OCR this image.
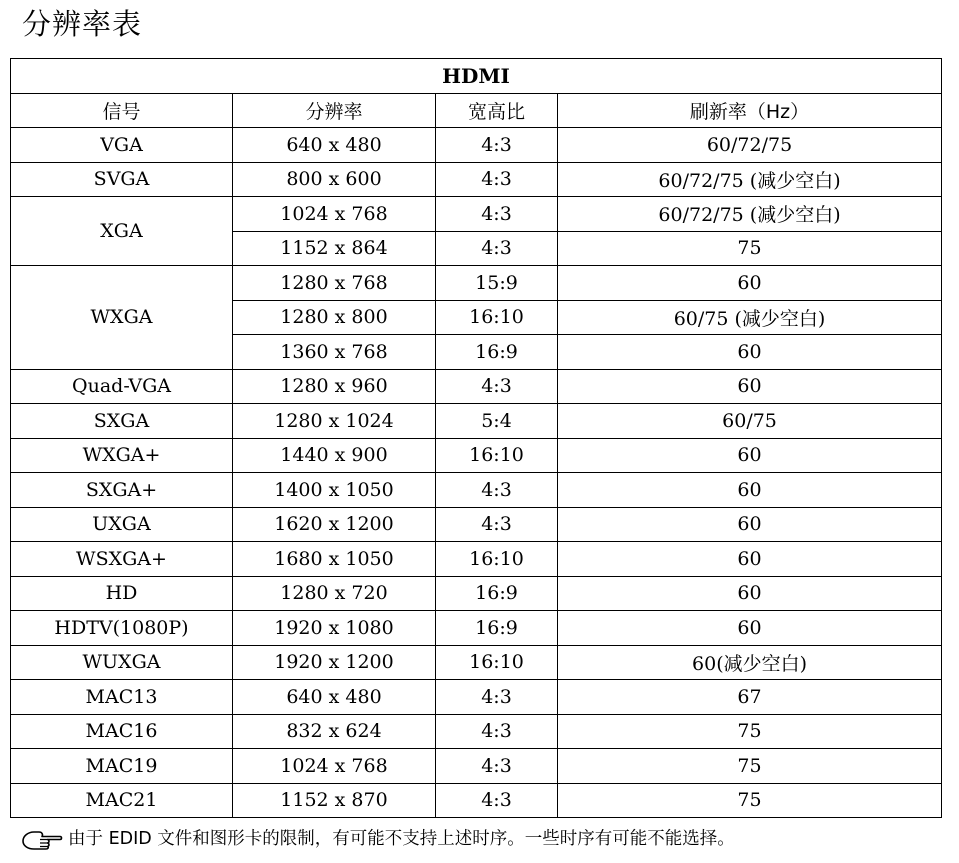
分辨率表
HDMI			
信号	分辨率	宽高比	刷新率（Hz）
VGA	640 x 480	4:3	60/72/75
SVGA	800 x 600	4:3	60/72/75 (减少空白)
XGA	1024 x 768	4:3	60/72/75 (减少空白)
	1152 x 864	4:3	75
WXGA	1280 x 768	15:9	60
	1280 x 800	16:10	60/75 (减少空白)
	1360 x 768	16:9	60
Quad-VGA	1280 x 960	4:3	60
SXGA	1280 x 1024	5:4	60/75
WXGA+	1440 x 900	16:10	60
SXGA+	1400 x 1050	4:3	60
UXGA	1620 x 1200	4:3	60
WSXGA+	1680 x 1050	16:10	60
HD	1280 x 720	16:9	60
HDTV(1080P)	1920 x 1080	16:9	60
WUXGA	1920 x 1200	16:10	60(减少空白)
MAC13	640 x 480	4:3	67
MAC16	832 x 624	4:3	75
MAC19	1024 x 768	4:3	75
MAC21	1152 x 870	4:3	75
由于 EDID 文件和图形卡的限制，有可能不支持上述时序。一些时序有可能不能选择。
